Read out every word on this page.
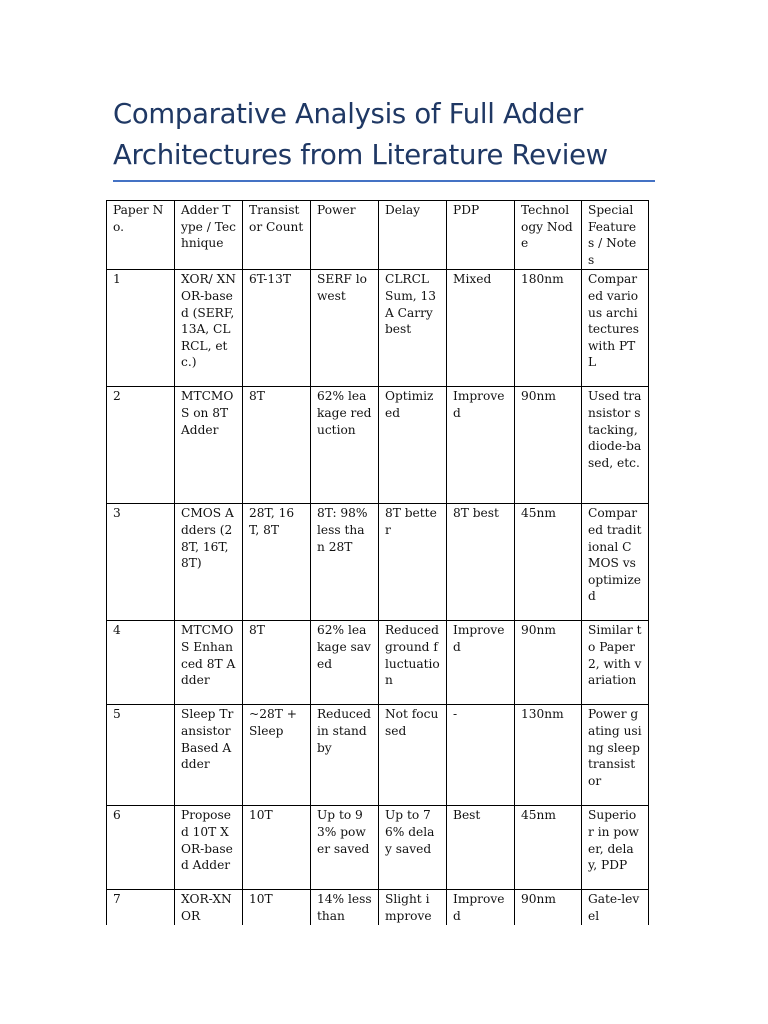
Comparative Analysis of Full Adder Architectures from Literature Review
Paper No.	Adder Type / Technique	Transistor Count	Power	Delay	PDP	Technology Node	Special Features / Notes
1	XOR/ XNOR-based (SERF, 13A, CLRCL, etc.)	6T-13T	SERF lowest	CLRCL Sum, 13A Carry best	Mixed	180nm	Compared various architectures with PTL
2	MTCMOS on 8T Adder	8T	62% leakage reduction	Optimized	Improved	90nm	Used transistor stacking, diode-based, etc.
3	CMOS Adders (28T, 16T, 8T)	28T, 16T, 8T	8T: 98% less than 28T	8T better	8T best	45nm	Compared traditional CMOS vs optimized
4	MTCMOS Enhanced 8T Adder	8T	62% leakage saved	Reduced ground fluctuation	Improved	90nm	Similar to Paper 2, with variation
5	Sleep Transistor Based Adder	~28T + Sleep	Reduced in standby	Not focused	-	130nm	Power gating using sleep transistor
6	Proposed 10T XOR-based Adder	10T	Up to 93% power saved	Up to 76% delay saved	Best	45nm	Superior in power, delay, PDP
7	XOR-XNOR	10T	14% less than	Slight improve	Improved	90nm	Gate-level
